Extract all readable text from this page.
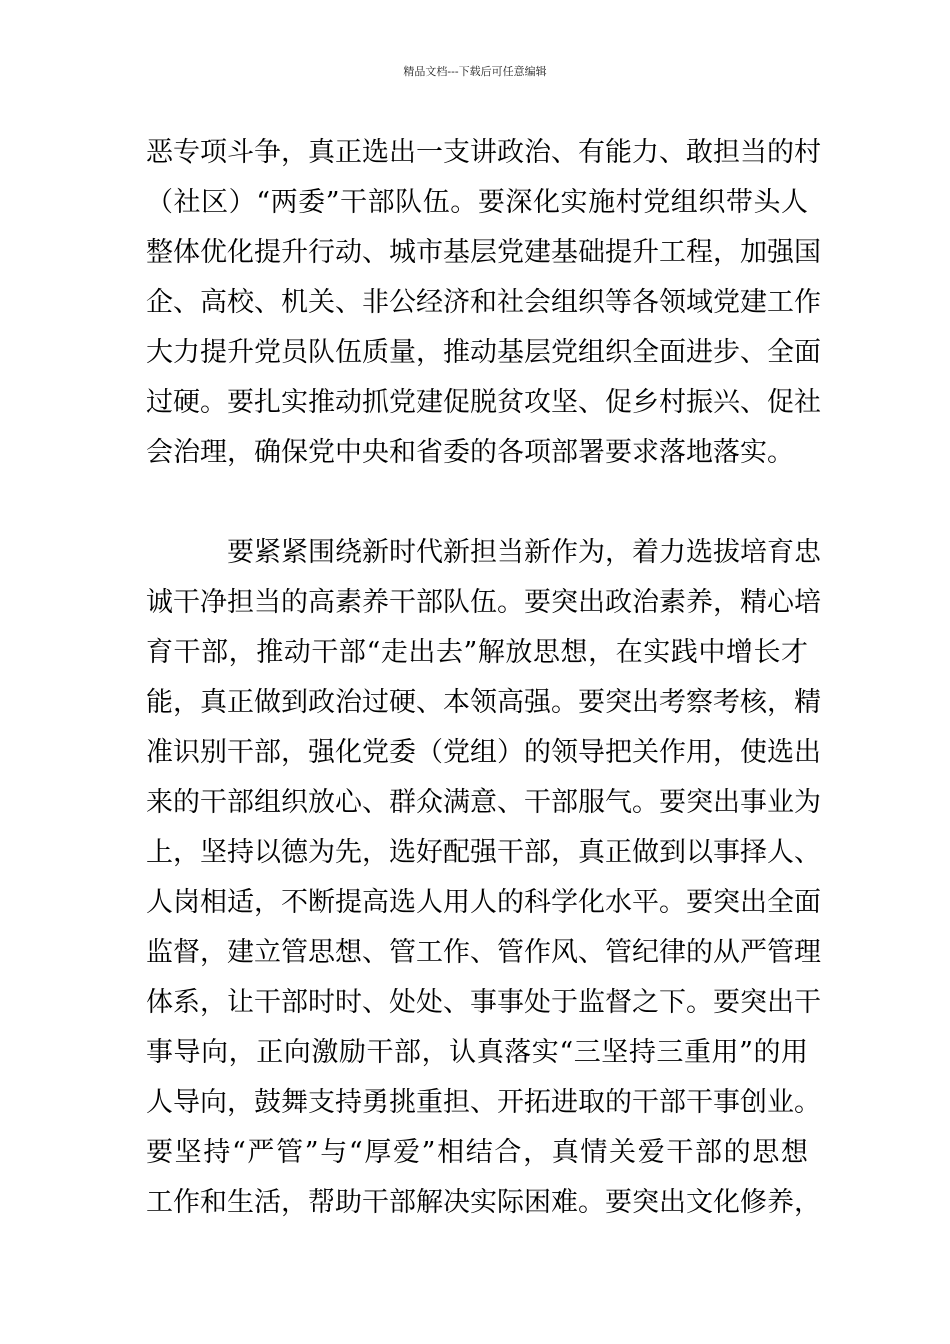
精品文档---下载后可任意编辑
恶专项斗争，真正选出一支讲政治、有能力、敢担当的村
（社区）“两委”干部队伍。要深化实施村党组织带头人
整体优化提升行动、城市基层党建基础提升工程，加强国
企、高校、机关、非公经济和社会组织等各领域党建工作
大力提升党员队伍质量，推动基层党组织全面进步、全面
过硬。要扎实推动抓党建促脱贫攻坚、促乡村振兴、促社
会治理，确保党中央和省委的各项部署要求落地落实。
要紧紧围绕新时代新担当新作为，着力选拔培育忠
诚干净担当的高素养干部队伍。要突出政治素养，精心培
育干部，推动干部“走出去”解放思想，在实践中增长才
能，真正做到政治过硬、本领高强。要突出考察考核，精
准识别干部，强化党委（党组）的领导把关作用，使选出
来的干部组织放心、群众满意、干部服气。要突出事业为
上，坚持以德为先，选好配强干部，真正做到以事择人、
人岗相适，不断提高选人用人的科学化水平。要突出全面
监督，建立管思想、管工作、管作风、管纪律的从严管理
体系，让干部时时、处处、事事处于监督之下。要突出干
事导向，正向激励干部，认真落实“三坚持三重用”的用
人导向，鼓舞支持勇挑重担、开拓进取的干部干事创业。
要坚持“严管”与“厚爱”相结合，真情关爱干部的思想
工作和生活，帮助干部解决实际困难。要突出文化修养，
